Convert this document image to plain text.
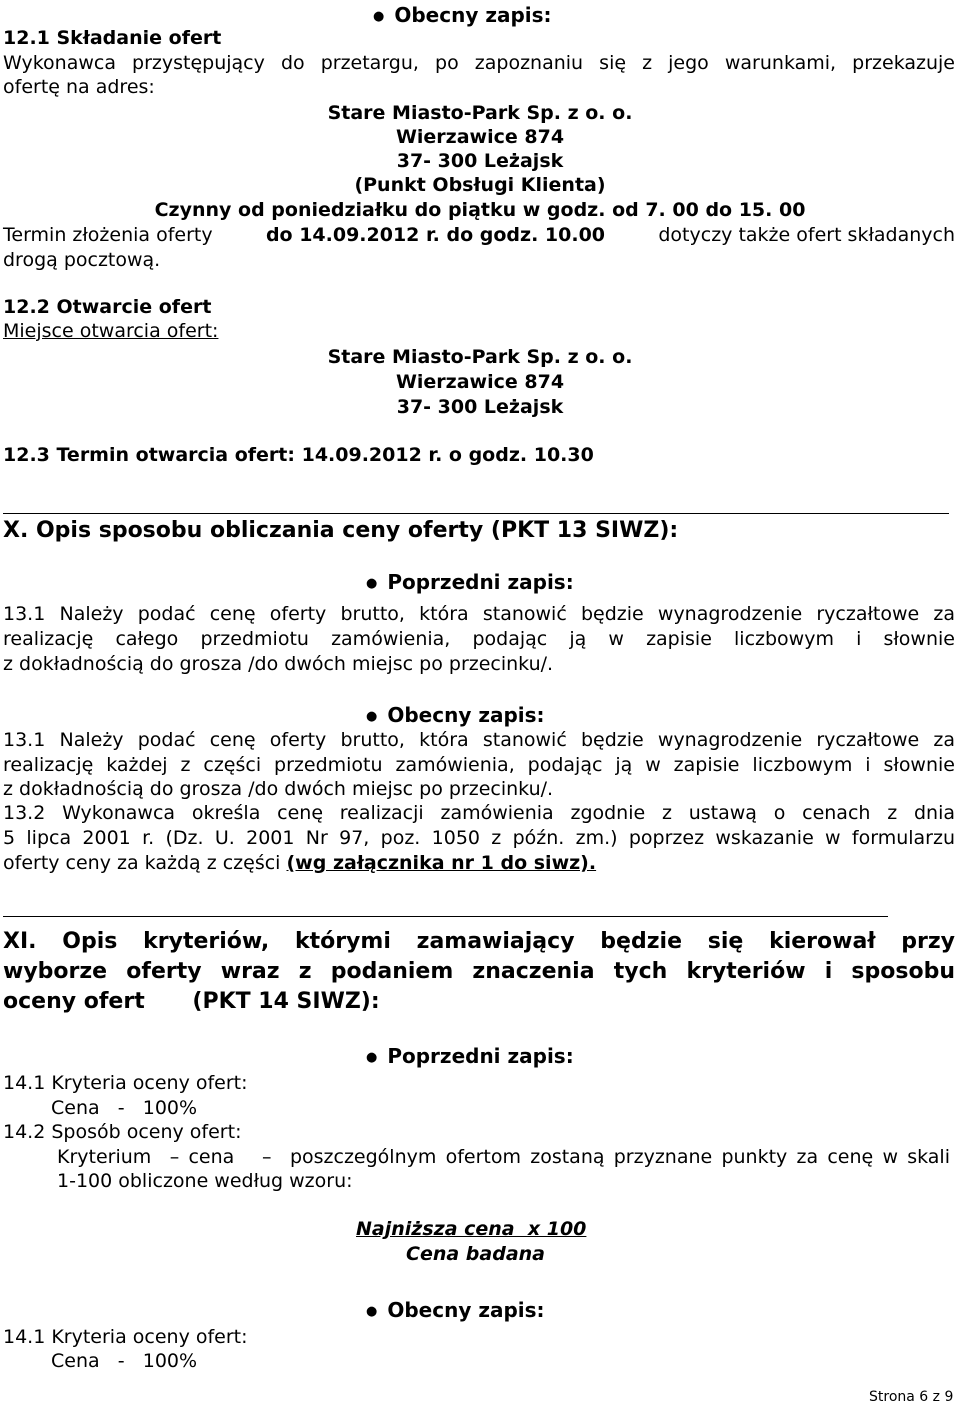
● Obecny zapis:
12.1 Składanie ofert
Wykonawca przystępujący do przetargu, po zapoznaniu się z jego warunkami, przekazuje
ofertę na adres:
Stare Miasto-Park Sp. z o. o.
Wierzawice 874
37- 300 Leżajsk
(Punkt Obsługi Klienta)
Czynny od poniedziałku do piątku w godz. od 7. 00 do 15. 00
Termin złożenia oferty	do 14.09.2012 r. do godz. 10.00	dotyczy także ofert składanych
drogą pocztową.
12.2 Otwarcie ofert
Miejsce otwarcia ofert:
Stare Miasto-Park Sp. z o. o.
Wierzawice 874
37- 300 Leżajsk
12.3 Termin otwarcia ofert: 14.09.2012 r. o godz. 10.30
X. Opis sposobu obliczania ceny oferty (PKT 13 SIWZ):
● Poprzedni zapis:
13.1 Należy podać cenę oferty brutto, która stanowić będzie wynagrodzenie ryczałtowe za
realizację całego przedmiotu zamówienia, podając ją w zapisie liczbowym i słownie
z dokładnością do grosza /do dwóch miejsc po przecinku/.
● Obecny zapis:
13.1 Należy podać cenę oferty brutto, która stanowić będzie wynagrodzenie ryczałtowe za
realizację każdej z części przedmiotu zamówienia, podając ją w zapisie liczbowym i słownie
z dokładnością do grosza /do dwóch miejsc po przecinku/.
13.2 Wykonawca określa cenę realizacji zamówienia zgodnie z ustawą o cenach z dnia
5 lipca 2001 r. (Dz. U. 2001 Nr 97, poz. 1050 z późn. zm.) poprzez wskazanie w formularzu
oferty ceny za każdą z części (wg załącznika nr 1 do siwz).
XI. Opis kryteriów, którymi zamawiający będzie się kierował przy
wyborze oferty wraz z podaniem znaczenia tych kryteriów i sposobu
oceny ofert (PKT 14 SIWZ):
● Poprzedni zapis:
14.1 Kryteria oceny ofert:
Cena   -   100%
14.2 Sposób oceny ofert:
Kryterium  – cena   –  poszczególnym ofertom zostaną przyznane punkty za cenę w skali
1-100 obliczone według wzoru:
Najniższa cena  x 100
Cena badana
● Obecny zapis:
14.1 Kryteria oceny ofert:
Cena   -   100%
Strona 6 z 9
